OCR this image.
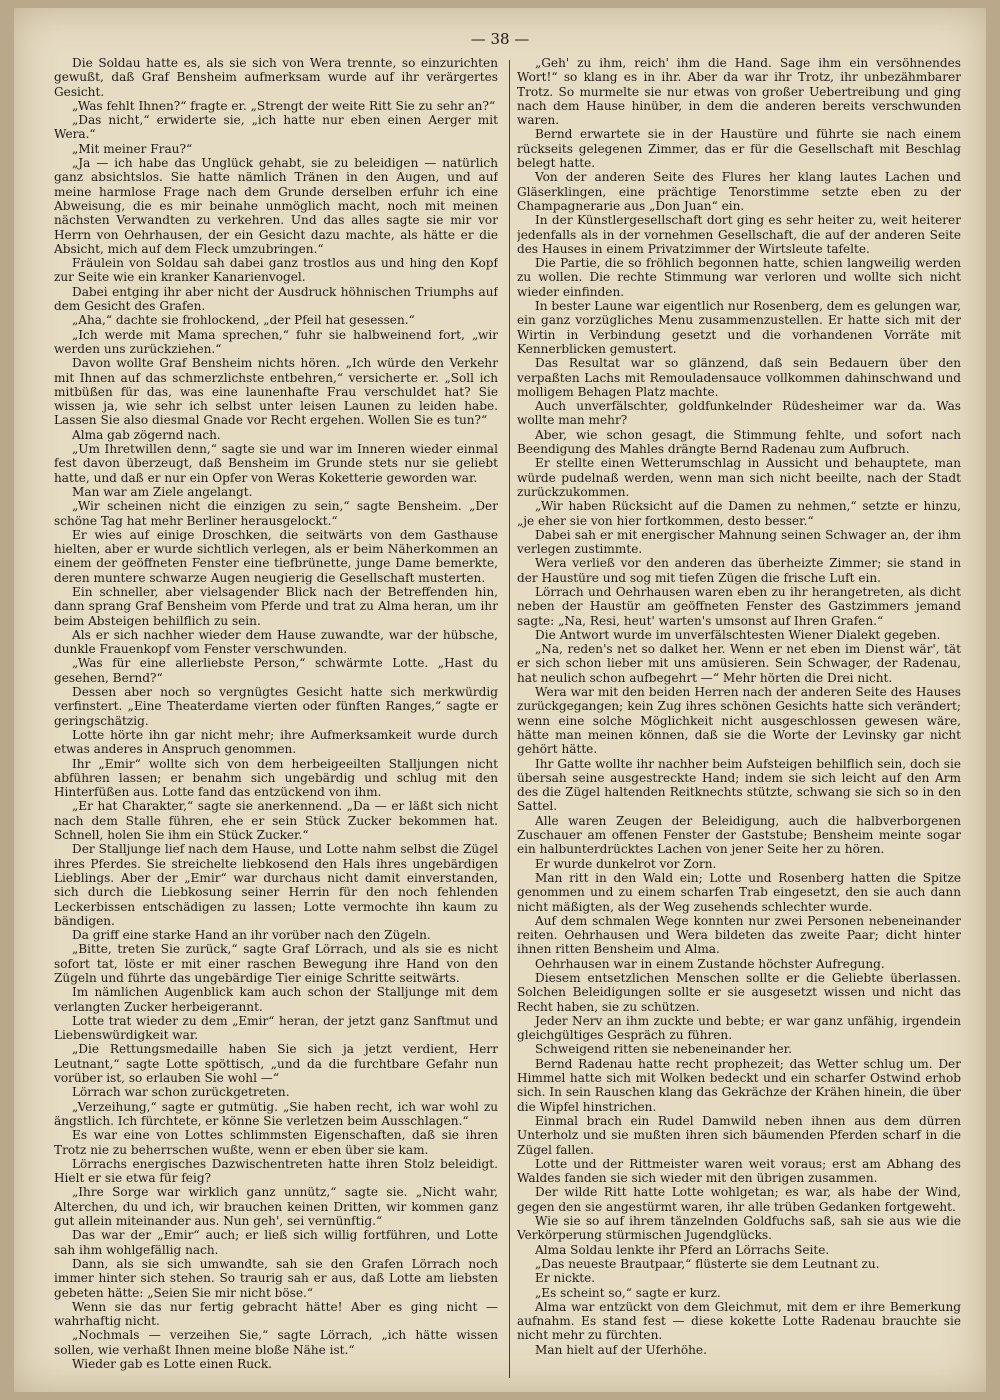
— 38 —

Die Soldau hatte es, als sie sich von Wera trennte, so einzurichten gewußt, daß Graf Bensheim aufmerksam wurde auf ihr verärgertes Gesicht.

„Was fehlt Ihnen?“ fragte er. „Strengt der weite Ritt Sie zu sehr an?“

„Das nicht,“ erwiderte sie, „ich hatte nur eben einen Aerger mit Wera.“

„Mit meiner Frau?“

„Ja — ich habe das Unglück gehabt, sie zu beleidigen — natürlich ganz absichtslos. Sie hatte nämlich Tränen in den Augen, und auf meine harmlose Frage nach dem Grunde derselben erfuhr ich eine Abweisung, die es mir beinahe unmöglich macht, noch mit meinen nächsten Verwandten zu verkehren. Und das alles sagte sie mir vor Herrn von Oehrhausen, der ein Gesicht dazu machte, als hätte er die Absicht, mich auf dem Fleck umzubringen.“

Fräulein von Soldau sah dabei ganz trostlos aus und hing den Kopf zur Seite wie ein kranker Kanarienvogel.

Dabei entging ihr aber nicht der Ausdruck höhnischen Triumphs auf dem Gesicht des Grafen.

„Aha,“ dachte sie frohlockend, „der Pfeil hat gesessen.“

„Ich werde mit Mama sprechen,“ fuhr sie halbweinend fort, „wir werden uns zurückziehen.“

Davon wollte Graf Bensheim nichts hören. „Ich würde den Verkehr mit Ihnen auf das schmerzlichste entbehren,“ versicherte er. „Soll ich mitbüßen für das, was eine launenhafte Frau verschuldet hat? Sie wissen ja, wie sehr ich selbst unter leisen Launen zu leiden habe. Lassen Sie also diesmal Gnade vor Recht ergehen. Wollen Sie es tun?“

Alma gab zögernd nach.

„Um Ihretwillen denn,“ sagte sie und war im Inneren wieder einmal fest davon überzeugt, daß Bensheim im Grunde stets nur sie geliebt hatte, und daß er nur ein Opfer von Weras Koketterie geworden war.

Man war am Ziele angelangt.

„Wir scheinen nicht die einzigen zu sein,“ sagte Bensheim. „Der schöne Tag hat mehr Berliner herausgelockt.“

Er wies auf einige Droschken, die seitwärts von dem Gasthause hielten, aber er wurde sichtlich verlegen, als er beim Näherkommen an einem der geöffneten Fenster eine tiefbrünette, junge Dame bemerkte, deren muntere schwarze Augen neugierig die Gesellschaft musterten.

Ein schneller, aber vielsagender Blick nach der Betreffenden hin, dann sprang Graf Bensheim vom Pferde und trat zu Alma heran, um ihr beim Absteigen behilflich zu sein.

Als er sich nachher wieder dem Hause zuwandte, war der hübsche, dunkle Frauenkopf vom Fenster verschwunden.

„Was für eine allerliebste Person,“ schwärmte Lotte. „Hast du gesehen, Bernd?“

Dessen aber noch so vergnügtes Gesicht hatte sich merkwürdig verfinstert. „Eine Theaterdame vierten oder fünften Ranges,“ sagte er geringschätzig.

Lotte hörte ihn gar nicht mehr; ihre Aufmerksamkeit wurde durch etwas anderes in Anspruch genommen.

Ihr „Emir“ wollte sich von dem herbeigeeilten Stalljungen nicht abführen lassen; er benahm sich ungebärdig und schlug mit den Hinterfüßen aus. Lotte fand das entzückend von ihm.

„Er hat Charakter,“ sagte sie anerkennend. „Da — er läßt sich nicht nach dem Stalle führen, ehe er sein Stück Zucker bekommen hat. Schnell, holen Sie ihm ein Stück Zucker.“

Der Stalljunge lief nach dem Hause, und Lotte nahm selbst die Zügel ihres Pferdes. Sie streichelte liebkosend den Hals ihres ungebärdigen Lieblings. Aber der „Emir“ war durchaus nicht damit einverstanden, sich durch die Liebkosung seiner Herrin für den noch fehlenden Leckerbissen entschädigen zu lassen; Lotte vermochte ihn kaum zu bändigen.

Da griff eine starke Hand an ihr vorüber nach den Zügeln.

„Bitte, treten Sie zurück,“ sagte Graf Lörrach, und als sie es nicht sofort tat, löste er mit einer raschen Bewegung ihre Hand von den Zügeln und führte das ungebärdige Tier einige Schritte seitwärts.

Im nämlichen Augenblick kam auch schon der Stalljunge mit dem verlangten Zucker herbeigerannt.

Lotte trat wieder zu dem „Emir“ heran, der jetzt ganz Sanftmut und Liebenswürdigkeit war.

„Die Rettungsmedaille haben Sie sich ja jetzt verdient, Herr Leutnant,“ sagte Lotte spöttisch, „und da die furchtbare Gefahr nun vorüber ist, so erlauben Sie wohl —“

Lörrach war schon zurückgetreten.

„Verzeihung,“ sagte er gutmütig. „Sie haben recht, ich war wohl zu ängstlich. Ich fürchtete, er könne Sie verletzen beim Ausschlagen.“

Es war eine von Lottes schlimmsten Eigenschaften, daß sie ihren Trotz nie zu beherrschen wußte, wenn er eben über sie kam.

Lörrachs energisches Dazwischentreten hatte ihren Stolz beleidigt. Hielt er sie etwa für feig?

„Ihre Sorge war wirklich ganz unnütz,“ sagte sie. „Nicht wahr, Alterchen, du und ich, wir brauchen keinen Dritten, wir kommen ganz gut allein miteinander aus. Nun geh', sei vernünftig.“

Das war der „Emir“ auch; er ließ sich willig fortführen, und Lotte sah ihm wohlgefällig nach.

Dann, als sie sich umwandte, sah sie den Grafen Lörrach noch immer hinter sich stehen. So traurig sah er aus, daß Lotte am liebsten gebeten hätte: „Seien Sie mir nicht böse.“

Wenn sie das nur fertig gebracht hätte! Aber es ging nicht — wahrhaftig nicht.

„Nochmals — verzeihen Sie,“ sagte Lörrach, „ich hätte wissen sollen, wie verhaßt Ihnen meine bloße Nähe ist.“

Wieder gab es Lotte einen Ruck.

„Geh' zu ihm, reich' ihm die Hand. Sage ihm ein versöhnendes Wort!“ so klang es in ihr. Aber da war ihr Trotz, ihr unbezähmbarer Trotz. So murmelte sie nur etwas von großer Uebertreibung und ging nach dem Hause hinüber, in dem die anderen bereits verschwunden waren.

Bernd erwartete sie in der Haustüre und führte sie nach einem rückseits gelegenen Zimmer, das er für die Gesellschaft mit Beschlag belegt hatte.

Von der anderen Seite des Flures her klang lautes Lachen und Gläserklingen, eine prächtige Tenorstimme setzte eben zu der Champagnerarie aus „Don Juan“ ein.

In der Künstlergesellschaft dort ging es sehr heiter zu, weit heiterer jedenfalls als in der vornehmen Gesellschaft, die auf der anderen Seite des Hauses in einem Privatzimmer der Wirtsleute tafelte.

Die Partie, die so fröhlich begonnen hatte, schien langweilig werden zu wollen. Die rechte Stimmung war verloren und wollte sich nicht wieder einfinden.

In bester Laune war eigentlich nur Rosenberg, dem es gelungen war, ein ganz vorzügliches Menu zusammenzustellen. Er hatte sich mit der Wirtin in Verbindung gesetzt und die vorhandenen Vorräte mit Kennerblicken gemustert.

Das Resultat war so glänzend, daß sein Bedauern über den verpaßten Lachs mit Remouladensauce vollkommen dahinschwand und molligem Behagen Platz machte.

Auch unverfälschter, goldfunkelnder Rüdesheimer war da. Was wollte man mehr?

Aber, wie schon gesagt, die Stimmung fehlte, und sofort nach Beendigung des Mahles drängte Bernd Radenau zum Aufbruch.

Er stellte einen Wetterumschlag in Aussicht und behauptete, man würde pudelnaß werden, wenn man sich nicht beeilte, nach der Stadt zurückzukommen.

„Wir haben Rücksicht auf die Damen zu nehmen,“ setzte er hinzu, „je eher sie von hier fortkommen, desto besser.“

Dabei sah er mit energischer Mahnung seinen Schwager an, der ihm verlegen zustimmte.

Wera verließ vor den anderen das überheizte Zimmer; sie stand in der Haustüre und sog mit tiefen Zügen die frische Luft ein.

Lörrach und Oehrhausen waren eben zu ihr herangetreten, als dicht neben der Haustür am geöffneten Fenster des Gastzimmers jemand sagte: „Na, Resi, heut' warten's umsonst auf Ihren Grafen.“

Die Antwort wurde im unverfälschtesten Wiener Dialekt gegeben.

„Na, reden's net so dalket her. Wenn er net eben im Dienst wär', tät er sich schon lieber mit uns amüsieren. Sein Schwager, der Radenau, hat neulich schon aufbegehrt —“ Mehr hörten die Drei nicht.

Wera war mit den beiden Herren nach der anderen Seite des Hauses zurückgegangen; kein Zug ihres schönen Gesichts hatte sich verändert; wenn eine solche Möglichkeit nicht ausgeschlossen gewesen wäre, hätte man meinen können, daß sie die Worte der Levinsky gar nicht gehört hätte.

Ihr Gatte wollte ihr nachher beim Aufsteigen behilflich sein, doch sie übersah seine ausgestreckte Hand; indem sie sich leicht auf den Arm des die Zügel haltenden Reitknechts stützte, schwang sie sich so in den Sattel.

Alle waren Zeugen der Beleidigung, auch die halbverborgenen Zuschauer am offenen Fenster der Gaststube; Bensheim meinte sogar ein halbunterdrücktes Lachen von jener Seite her zu hören.

Er wurde dunkelrot vor Zorn.

Man ritt in den Wald ein; Lotte und Rosenberg hatten die Spitze genommen und zu einem scharfen Trab eingesetzt, den sie auch dann nicht mäßigten, als der Weg zusehends schlechter wurde.

Auf dem schmalen Wege konnten nur zwei Personen nebeneinander reiten. Oehrhausen und Wera bildeten das zweite Paar; dicht hinter ihnen ritten Bensheim und Alma.

Oehrhausen war in einem Zustande höchster Aufregung.

Diesem entsetzlichen Menschen sollte er die Geliebte überlassen. Solchen Beleidigungen sollte er sie ausgesetzt wissen und nicht das Recht haben, sie zu schützen.

Jeder Nerv an ihm zuckte und bebte; er war ganz unfähig, irgendein gleichgültiges Gespräch zu führen.

Schweigend ritten sie nebeneinander her.

Bernd Radenau hatte recht prophezeit; das Wetter schlug um. Der Himmel hatte sich mit Wolken bedeckt und ein scharfer Ostwind erhob sich. In sein Rauschen klang das Gekrächze der Krähen hinein, die über die Wipfel hinstrichen.

Einmal brach ein Rudel Damwild neben ihnen aus dem dürren Unterholz und sie mußten ihren sich bäumenden Pferden scharf in die Zügel fallen.

Lotte und der Rittmeister waren weit voraus; erst am Abhang des Waldes fanden sie sich wieder mit den übrigen zusammen.

Der wilde Ritt hatte Lotte wohlgetan; es war, als habe der Wind, gegen den sie angestürmt waren, ihr alle trüben Gedanken fortgeweht.

Wie sie so auf ihrem tänzelnden Goldfuchs saß, sah sie aus wie die Verkörperung stürmischen Jugendglücks.

Alma Soldau lenkte ihr Pferd an Lörrachs Seite.

„Das neueste Brautpaar,“ flüsterte sie dem Leutnant zu.

Er nickte.

„Es scheint so,“ sagte er kurz.

Alma war entzückt von dem Gleichmut, mit dem er ihre Bemerkung aufnahm. Es stand fest — diese kokette Lotte Radenau brauchte sie nicht mehr zu fürchten.

Man hielt auf der Uferhöhe.
